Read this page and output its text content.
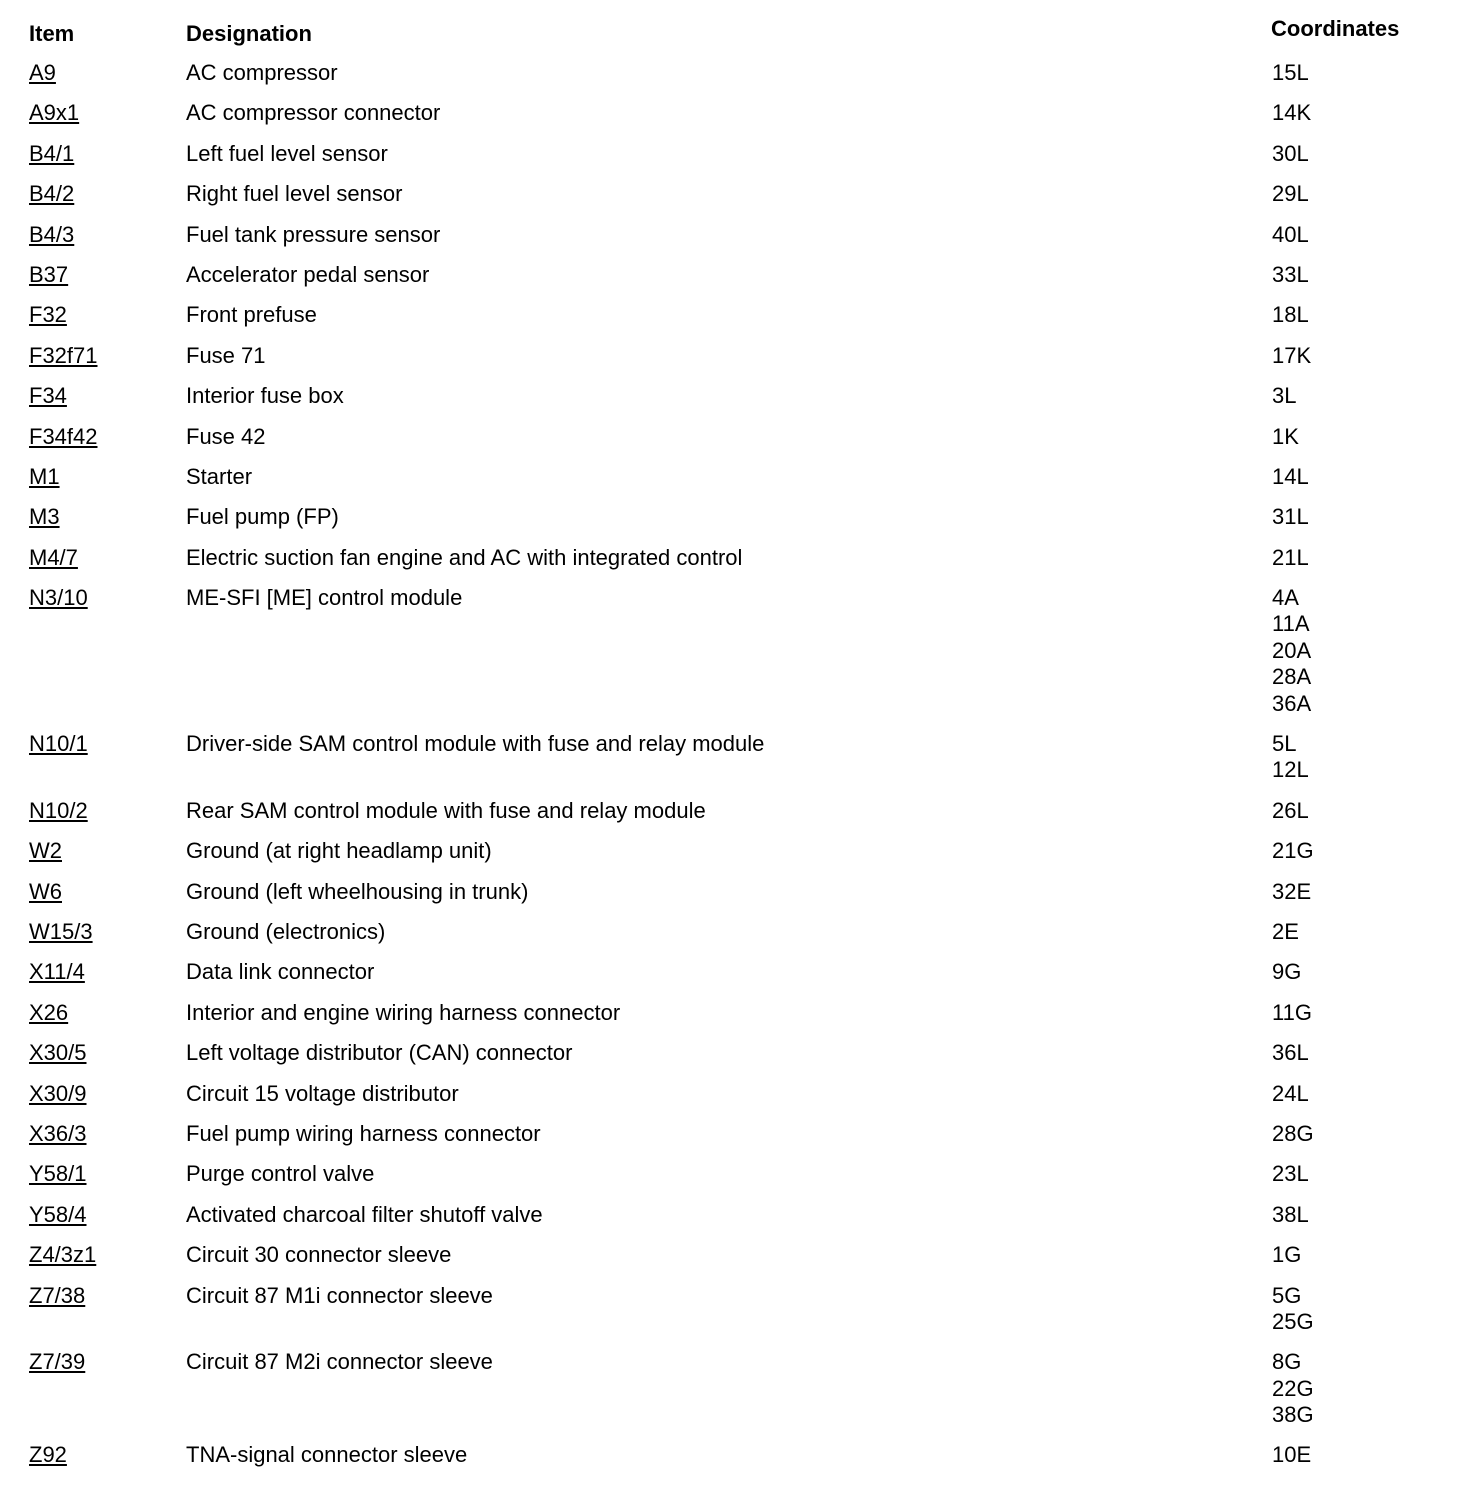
Item	Designation	Coordinates
A9	AC compressor	15L
A9x1	AC compressor connector	14K
B4/1	Left fuel level sensor	30L
B4/2	Right fuel level sensor	29L
B4/3	Fuel tank pressure sensor	40L
B37	Accelerator pedal sensor	33L
F32	Front prefuse	18L
F32f71	Fuse 71	17K
F34	Interior fuse box	3L
F34f42	Fuse 42	1K
M1	Starter	14L
M3	Fuel pump (FP)	31L
M4/7	Electric suction fan engine and AC with integrated control	21L
N3/10	ME-SFI [ME] control module	4A
11A
20A
28A
36A
N10/1	Driver-side SAM control module with fuse and relay module	5L
12L
N10/2	Rear SAM control module with fuse and relay module	26L
W2	Ground (at right headlamp unit)	21G
W6	Ground (left wheelhousing in trunk)	32E
W15/3	Ground (electronics)	2E
X11/4	Data link connector	9G
X26	Interior and engine wiring harness connector	11G
X30/5	Left voltage distributor (CAN) connector	36L
X30/9	Circuit 15 voltage distributor	24L
X36/3	Fuel pump wiring harness connector	28G
Y58/1	Purge control valve	23L
Y58/4	Activated charcoal filter shutoff valve	38L
Z4/3z1	Circuit 30 connector sleeve	1G
Z7/38	Circuit 87 M1i connector sleeve	5G
25G
Z7/39	Circuit 87 M2i connector sleeve	8G
22G
38G
Z92	TNA-signal connector sleeve	10E
